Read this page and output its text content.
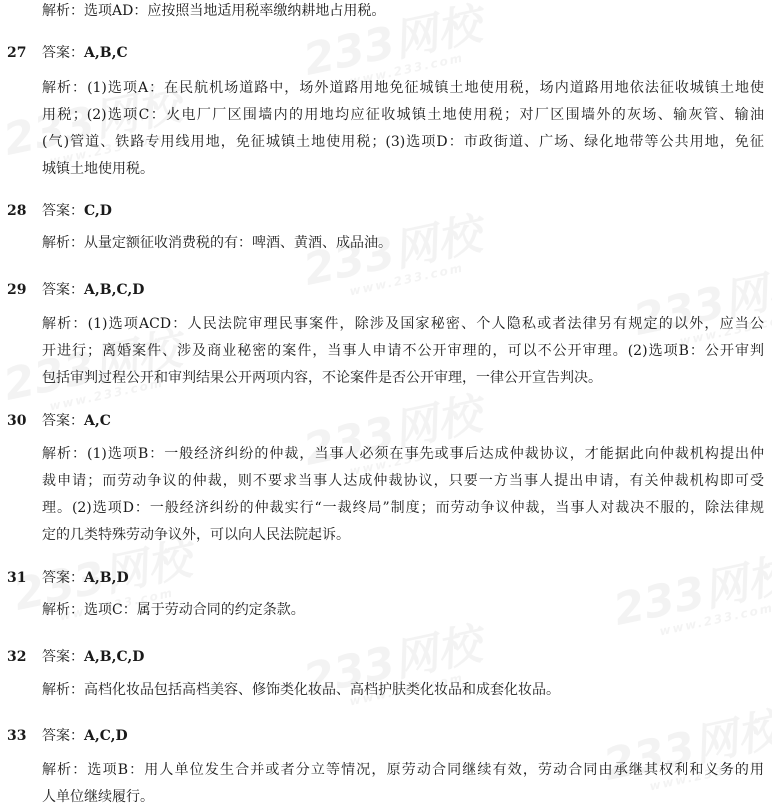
解析：选项AD：应按照当地适用税率缴纳耕地占用税。
27	答案：A,B,C
解析：(1)选项A：在民航机场道路中，场外道路用地免征城镇土地使用税，场内道路用地依法征收城镇土地使
用税；(2)选项C：火电厂厂区围墙内的用地均应征收城镇土地使用税；对厂区围墙外的灰场、输灰管、输油
(气)管道、铁路专用线用地，免征城镇土地使用税；(3)选项D：市政街道、广场、绿化地带等公共用地，免征
城镇土地使用税。
28	答案：C,D
解析：从量定额征收消费税的有：啤酒、黄酒、成品油。
29	答案：A,B,C,D
解析：(1)选项ACD：人民法院审理民事案件，除涉及国家秘密、个人隐私或者法律另有规定的以外，应当公
开进行；离婚案件、涉及商业秘密的案件，当事人申请不公开审理的，可以不公开审理。(2)选项B：公开审判
包括审判过程公开和审判结果公开两项内容，不论案件是否公开审理，一律公开宣告判决。
30	答案：A,C
解析：(1)选项B：一般经济纠纷的仲裁，当事人必须在事先或事后达成仲裁协议，才能据此向仲裁机构提出仲
裁申请；而劳动争议的仲裁，则不要求当事人达成仲裁协议，只要一方当事人提出申请，有关仲裁机构即可受
理。(2)选项D：一般经济纠纷的仲裁实行“一裁终局”制度；而劳动争议仲裁，当事人对裁决不服的，除法律规
定的几类特殊劳动争议外，可以向人民法院起诉。
31	答案：A,B,D
解析：选项C：属于劳动合同的约定条款。
32	答案：A,B,C,D
解析：高档化妆品包括高档美容、修饰类化妆品、高档护肤类化妆品和成套化妆品。
33	答案：A,C,D
解析：选项B：用人单位发生合并或者分立等情况，原劳动合同继续有效，劳动合同由承继其权利和义务的用
人单位继续履行。
